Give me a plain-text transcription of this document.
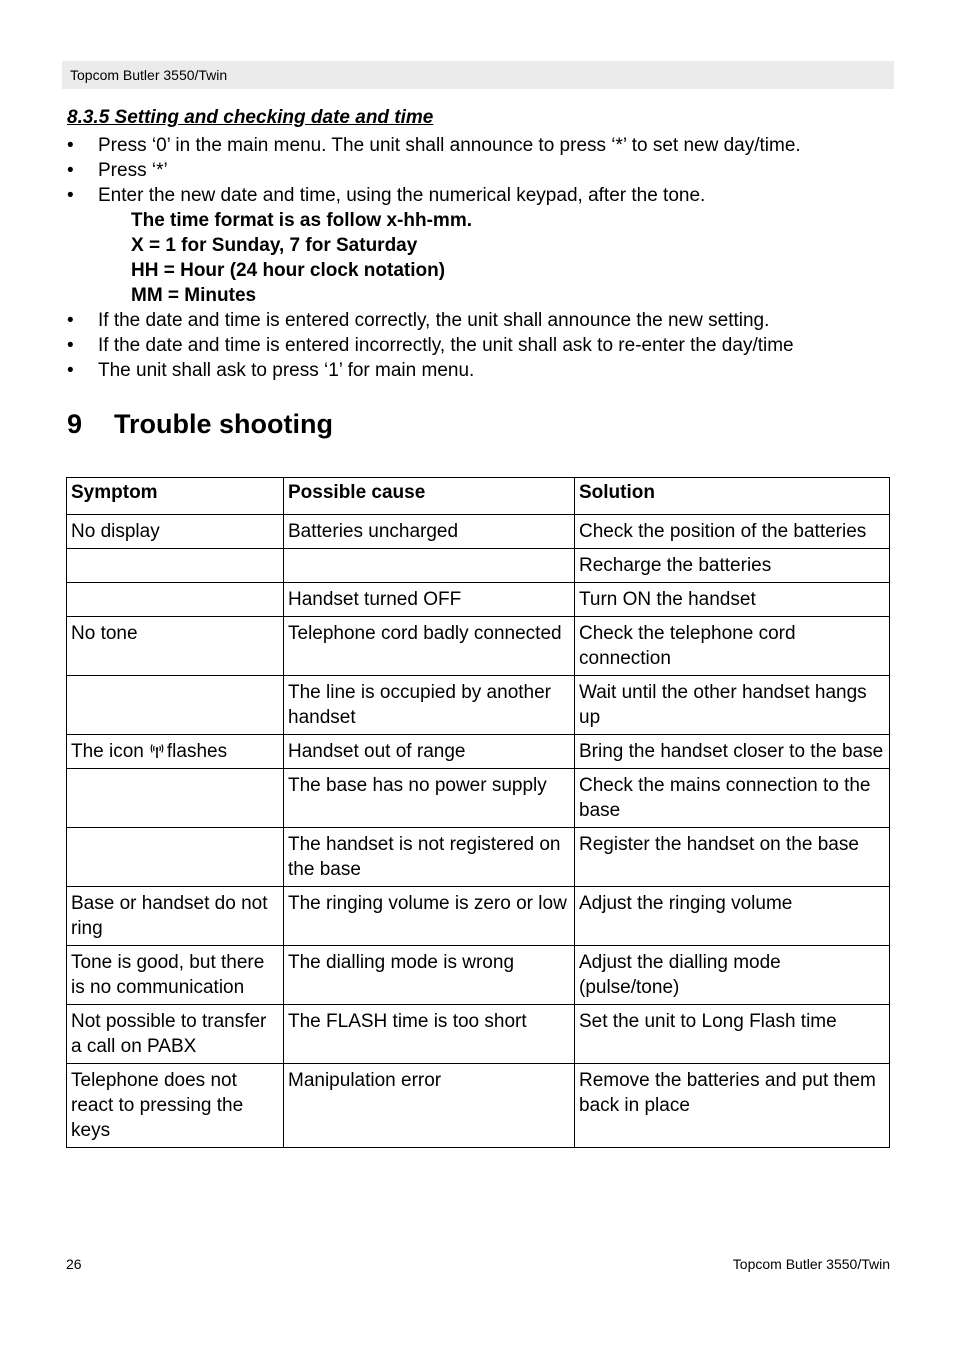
Topcom Butler 3550/Twin
8.3.5 Setting and checking date and time
• Press ‘0’ in the main menu. The unit shall announce to press ‘*’ to set new day/time.
• Press ‘*’
• Enter the new date and time, using the numerical keypad, after the tone.
The time format is as follow x-hh-mm.
X = 1 for Sunday, 7 for Saturday
HH = Hour (24 hour clock notation)
MM = Minutes
• If the date and time is entered correctly, the unit shall announce the new setting.
• If the date and time is entered incorrectly, the unit shall ask to re-enter the day/time
• The unit shall ask to press ‘1’ for main menu.
9 Trouble shooting
Symptom	Possible cause	Solution
No display	Batteries uncharged	Check the position of the batteries
		Recharge the batteries
	Handset turned OFF	Turn ON the handset
No tone	Telephone cord badly connected	Check the telephone cord connection
	The line is occupied by another handset	Wait until the other handset hangs up
The icon flashes	Handset out of range	Bring the handset closer to the base
	The base has no power supply	Check the mains connection to the base
	The handset is not registered on the base	Register the handset on the base
Base or handset do not ring	The ringing volume is zero or low	Adjust the ringing volume
Tone is good, but there is no communication	The dialling mode is wrong	Adjust the dialling mode (pulse/tone)
Not possible to transfer a call on PABX	The FLASH time is too short	Set the unit to Long Flash time
Telephone does not react to pressing the keys	Manipulation error	Remove the batteries and put them back in place
26	Topcom Butler 3550/Twin
